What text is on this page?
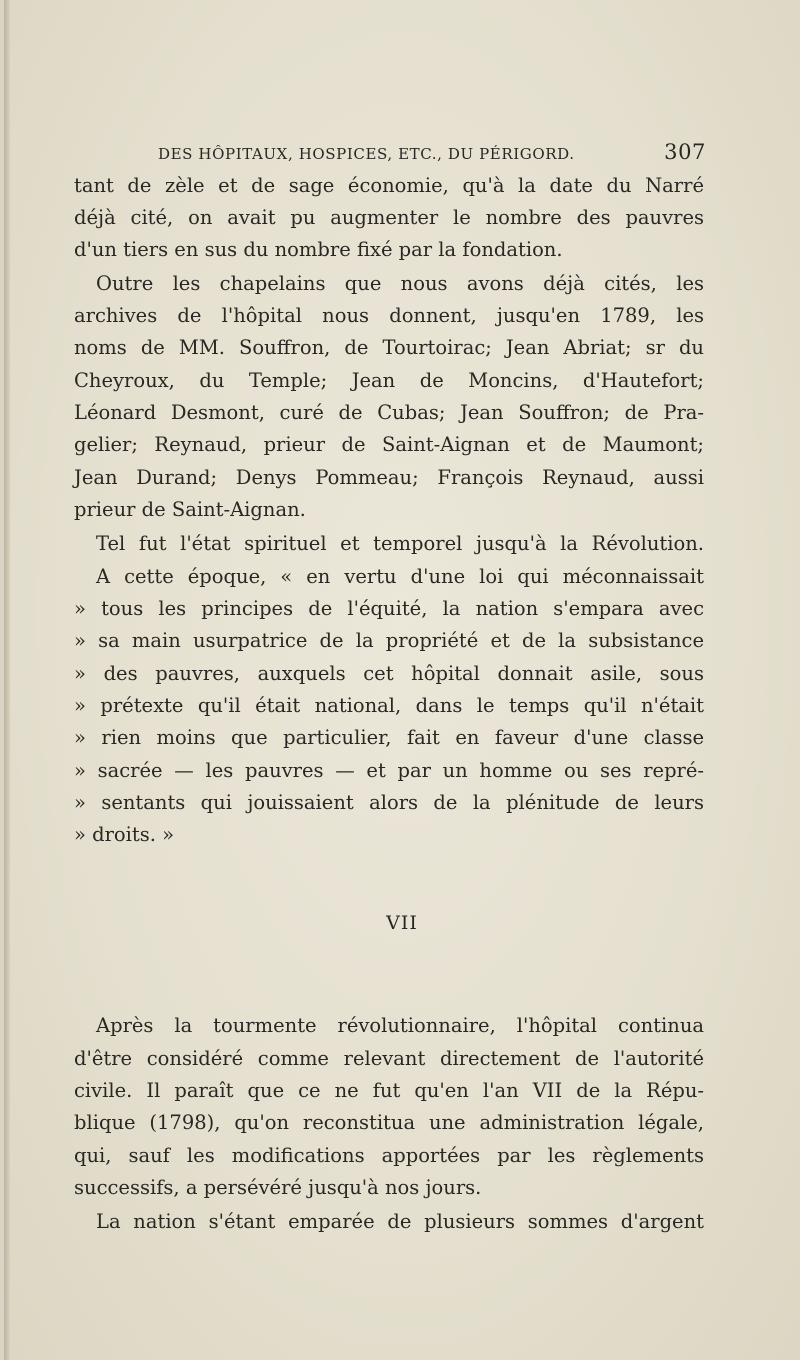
DES HÔPITAUX, HOSPICES, ETC., DU PÉRIGORD.	307
tant de zèle et de sage économie, qu'à la date du Narré
déjà cité, on avait pu augmenter le nombre des pauvres
d'un tiers en sus du nombre fixé par la fondation.
Outre les chapelains que nous avons déjà cités, les
archives de l'hôpital nous donnent, jusqu'en 1789, les
noms de MM. Souffron, de Tourtoirac; Jean Abriat; sr du
Cheyroux, du Temple; Jean de Moncins, d'Hautefort;
Léonard Desmont, curé de Cubas; Jean Souffron; de Pra-
gelier; Reynaud, prieur de Saint-Aignan et de Maumont;
Jean Durand; Denys Pommeau; François Reynaud, aussi
prieur de Saint-Aignan.
Tel fut l'état spirituel et temporel jusqu'à la Révolution.
A cette époque, « en vertu d'une loi qui méconnaissait
» tous les principes de l'équité, la nation s'empara avec
» sa main usurpatrice de la propriété et de la subsistance
» des pauvres, auxquels cet hôpital donnait asile, sous
» prétexte qu'il était national, dans le temps qu'il n'était
» rien moins que particulier, fait en faveur d'une classe
» sacrée — les pauvres — et par un homme ou ses repré-
» sentants qui jouissaient alors de la plénitude de leurs
» droits. »
VII
Après la tourmente révolutionnaire, l'hôpital continua
d'être considéré comme relevant directement de l'autorité
civile. Il paraît que ce ne fut qu'en l'an VII de la Répu-
blique (1798), qu'on reconstitua une administration légale,
qui, sauf les modifications apportées par les règlements
successifs, a persévéré jusqu'à nos jours.
La nation s'étant emparée de plusieurs sommes d'argent
